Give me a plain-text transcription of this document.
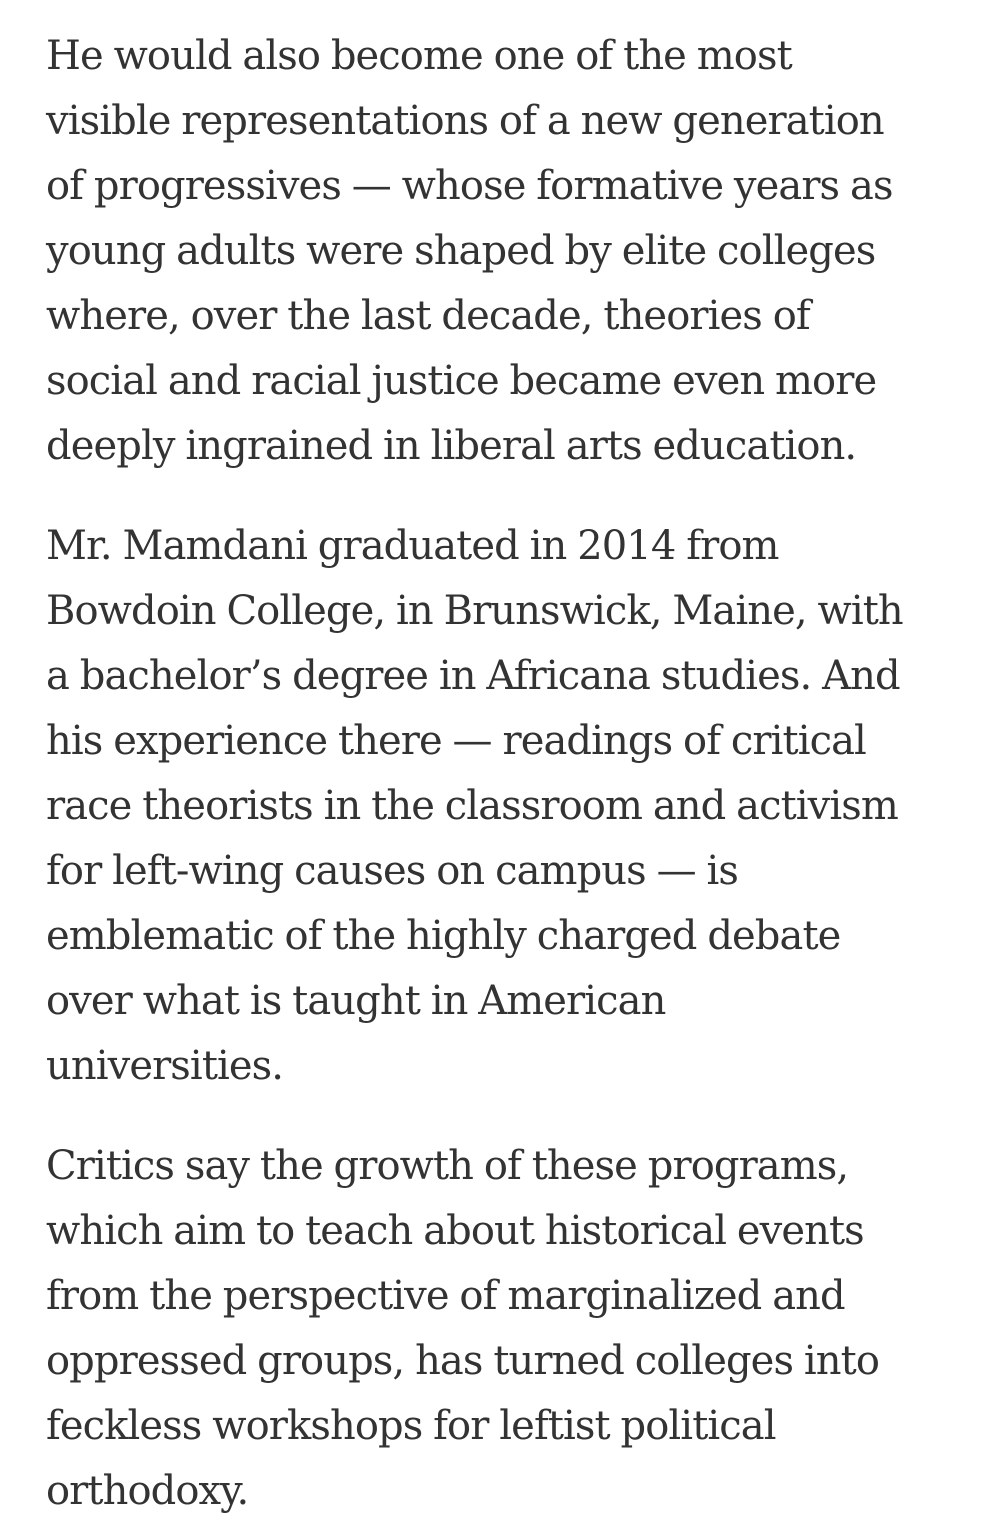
He would also become one of the most
visible representations of a new generation
of progressives — whose formative years as
young adults were shaped by elite colleges
where, over the last decade, theories of
social and racial justice became even more
deeply ingrained in liberal arts education.

Mr. Mamdani graduated in 2014 from
Bowdoin College, in Brunswick, Maine, with
a bachelor’s degree in Africana studies. And
his experience there — readings of critical
race theorists in the classroom and activism
for left-wing causes on campus — is
emblematic of the highly charged debate
over what is taught in American
universities.

Critics say the growth of these programs,
which aim to teach about historical events
from the perspective of marginalized and
oppressed groups, has turned colleges into
feckless workshops for leftist political
orthodoxy.
